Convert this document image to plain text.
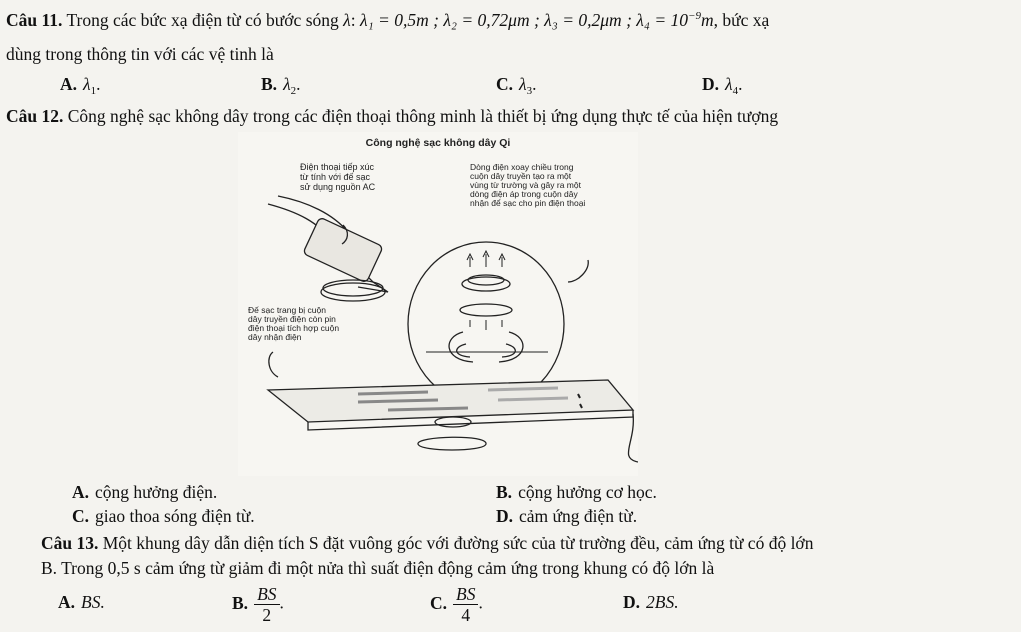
Câu 11. Trong các bức xạ điện từ có bước sóng λ: λ₁ = 0,5m ; λ₂ = 0,72μm ; λ₃ = 0,2μm ; $\lambda_4 = 10^{-9}m$, bức xạ
dùng trong thông tin với các vệ tinh là
A. $\lambda_1$.	B. $\lambda_2$.	C. $\lambda_3$.	D. $\lambda_4$.
Câu 12. Công nghệ sạc không dây trong các điện thoại thông minh là thiết bị ứng dụng thực tế của hiện tượng
Công nghệ sạc không dây Qi
Điện thoại tiếp xúc từ tính với đế sạc sử dụng nguồn AC
Dòng điện xoay chiều trong cuộn dây truyền tạo ra một vùng từ trường và gây ra một dòng điện áp trong cuộn dây nhận để sạc cho pin điện thoại
Đế sạc trang bị cuộn dây truyền điện còn pin điện thoại tích hợp cuộn dây nhận điện
A. cộng hưởng điện.	B. cộng hưởng cơ học.
C. giao thoa sóng điện từ.	D. cảm ứng điện từ.
Câu 13. Một khung dây dẫn diện tích S đặt vuông góc với đường sức của từ trường đều, cảm ứng từ có độ lớn
B. Trong 0,5 s cảm ứng từ giảm đi một nửa thì suất điện động cảm ứng trong khung có độ lớn là
A. BS.	B. $\frac{BS}{2}$ .	C. $\frac{BS}{4}$ .	D. 2BS.
